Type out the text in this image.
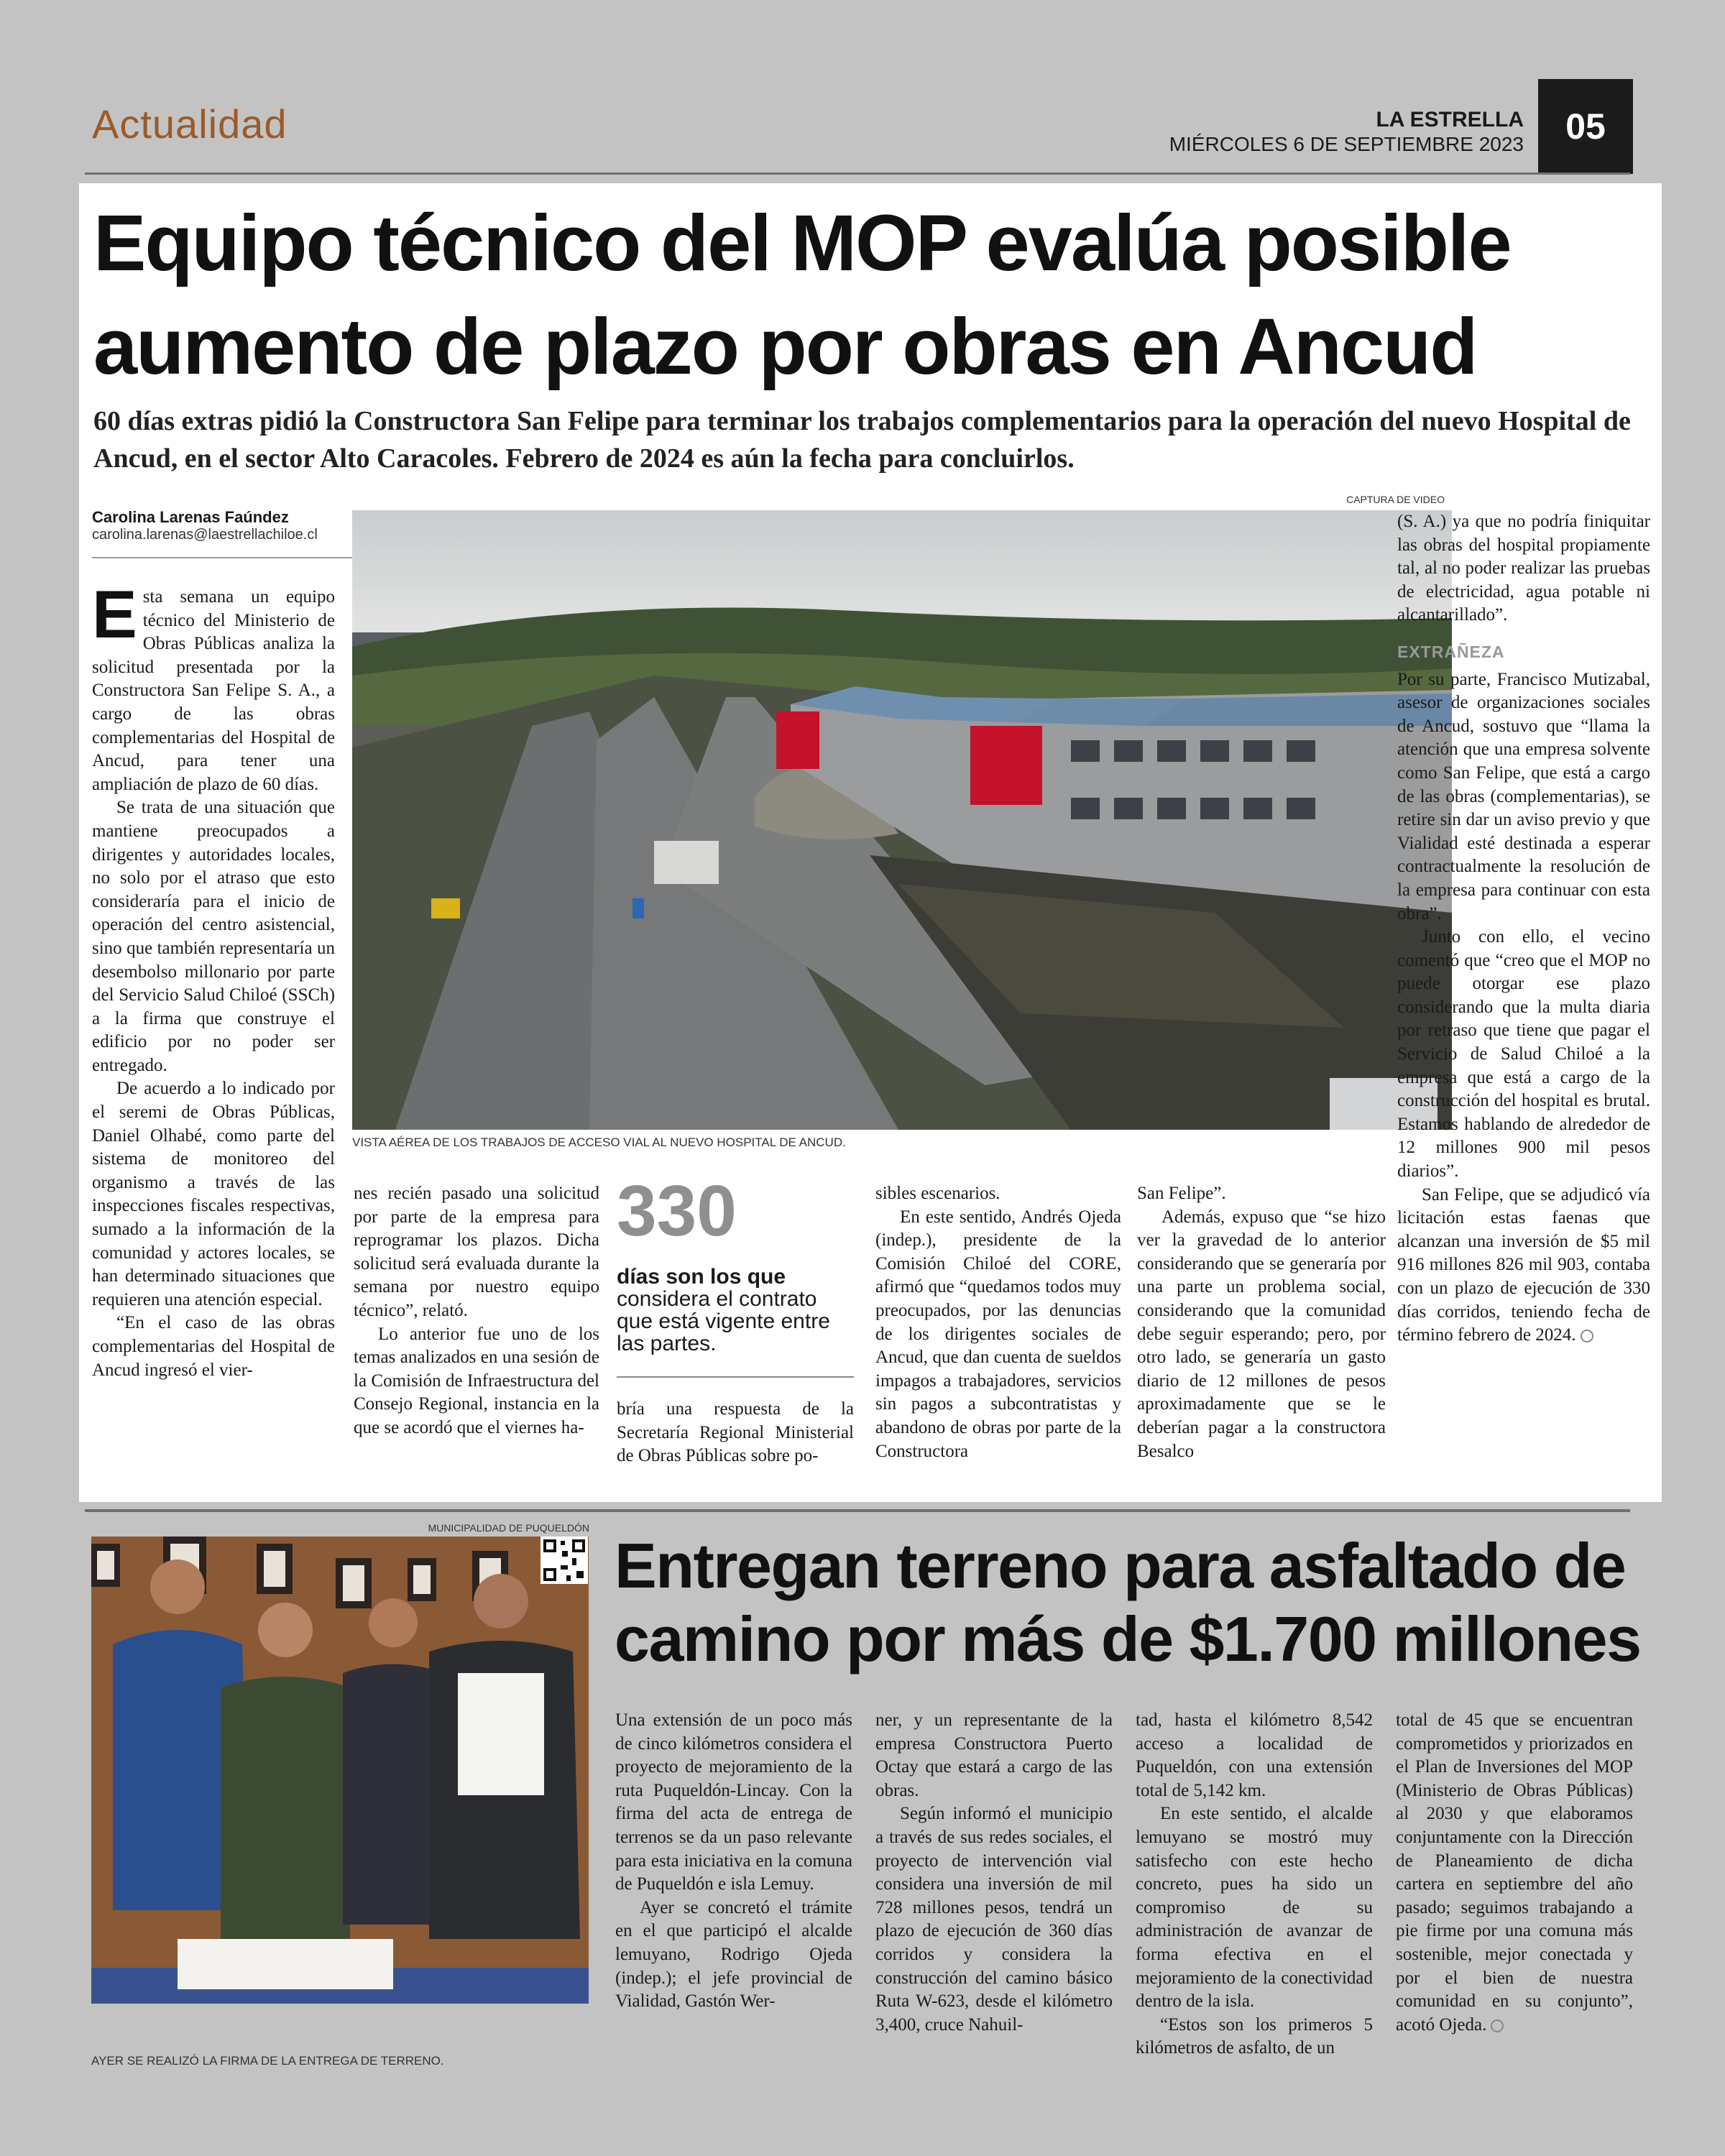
Actualidad	LA ESTRELLA
MIÉRCOLES 6 DE SEPTIEMBRE 2023	05
Equipo técnico del MOP evalúa posible
aumento de plazo por obras en Ancud
60 días extras pidió la Constructora San Felipe para terminar los trabajos complementarios para la operación del nuevo Hospital de Ancud, en el sector Alto Caracoles. Febrero de 2024 es aún la fecha para concluirlos.
Carolina Larenas Faúndez
carolina.larenas@laestrellachiloe.cl
CAPTURA DE VIDEO
VISTA AÉREA DE LOS TRABAJOS DE ACCESO VIAL AL NUEVO HOSPITAL DE ANCUD.

Esta semana un equipo técnico del Ministerio de Obras Públicas analiza la solicitud presentada por la Constructora San Felipe S. A., a cargo de las obras complementarias del Hospital de Ancud, para tener una ampliación de plazo de 60 días.

Se trata de una situación que mantiene preocupados a dirigentes y autoridades locales, no solo por el atraso que esto consideraría para el inicio de operación del centro asistencial, sino que también representaría un desembolso millonario por parte del Servicio Salud Chiloé (SSCh) a la firma que construye el edificio por no poder ser entregado.

De acuerdo a lo indicado por el seremi de Obras Públicas, Daniel Olhabé, como parte del sistema de monitoreo del organismo a través de las inspecciones fiscales respectivas, sumado a la información de la comunidad y actores locales, se han determinado situaciones que requieren una atención especial.

“En el caso de las obras complementarias del Hospital de Ancud ingresó el vier-

nes recién pasado una solicitud por parte de la empresa para reprogramar los plazos. Dicha solicitud será evaluada durante la semana por nuestro equipo técnico”, relató.

Lo anterior fue uno de los temas analizados en una sesión de la Comisión de Infraestructura del Consejo Regional, instancia en la que se acordó que el viernes ha-

330
días son los que
considera el contrato que está vigente entre las partes.

bría una respuesta de la Secretaría Regional Ministerial de Obras Públicas sobre po-

sibles escenarios.

En este sentido, Andrés Ojeda (indep.), presidente de la Comisión Chiloé del CORE, afirmó que “quedamos todos muy preocupados, por las denuncias de los dirigentes sociales de Ancud, que dan cuenta de sueldos impagos a trabajadores, servicios sin pagos a subcontratistas y abandono de obras por parte de la Constructora

San Felipe”.

Además, expuso que “se hizo ver la gravedad de lo anterior considerando que se generaría por una parte un problema social, considerando que la comunidad debe seguir esperando; pero, por otro lado, se generaría un gasto diario de 12 millones de pesos aproximadamente que se le deberían pagar a la constructora Besalco

(S. A.) ya que no podría finiquitar las obras del hospital propiamente tal, al no poder realizar las pruebas de electricidad, agua potable ni alcantarillado”.

EXTRAÑEZA

Por su parte, Francisco Mutizabal, asesor de organizaciones sociales de Ancud, sostuvo que “llama la atención que una empresa solvente como San Felipe, que está a cargo de las obras (complementarias), se retire sin dar un aviso previo y que Vialidad esté destinada a esperar contractualmente la resolución de la empresa para continuar con esta obra”.

Junto con ello, el vecino comentó que “creo que el MOP no puede otorgar ese plazo considerando que la multa diaria por retraso que tiene que pagar el Servicio de Salud Chiloé a la empresa que está a cargo de la construcción del hospital es brutal. Estamos hablando de alrededor de 12 millones 900 mil pesos diarios”.

San Felipe, que se adjudicó vía licitación estas faenas que alcanzan una inversión de $5 mil 916 millones 826 mil 903, contaba con un plazo de ejecución de 330 días corridos, teniendo fecha de término febrero de 2024.

MUNICIPALIDAD DE PUQUELDÓN
AYER SE REALIZÓ LA FIRMA DE LA ENTREGA DE TERRENO.
Entregan terreno para asfaltado de
camino por más de $1.700 millones

Una extensión de un poco más de cinco kilómetros considera el proyecto de mejoramiento de la ruta Puqueldón-Lincay. Con la firma del acta de entrega de terrenos se da un paso relevante para esta iniciativa en la comuna de Puqueldón e isla Lemuy.

Ayer se concretó el trámite en el que participó el alcalde lemuyano, Rodrigo Ojeda (indep.); el jefe provincial de Vialidad, Gastón Wer-

ner, y un representante de la empresa Constructora Puerto Octay que estará a cargo de las obras.

Según informó el municipio a través de sus redes sociales, el proyecto de intervención vial considera una inversión de mil 728 millones pesos, tendrá un plazo de ejecución de 360 días corridos y considera la construcción del camino básico Ruta W-623, desde el kilómetro 3,400, cruce Nahuil-

tad, hasta el kilómetro 8,542 acceso a localidad de Puqueldón, con una extensión total de 5,142 km.

En este sentido, el alcalde lemuyano se mostró muy satisfecho con este hecho concreto, pues ha sido un compromiso de su administración de avanzar de forma efectiva en el mejoramiento de la conectividad dentro de la isla.

“Estos son los primeros 5 kilómetros de asfalto, de un

total de 45 que se encuentran comprometidos y priorizados en el Plan de Inversiones del MOP (Ministerio de Obras Públicas) al 2030 y que elaboramos conjuntamente con la Dirección de Planeamiento de dicha cartera en septiembre del año pasado; seguimos trabajando a pie firme por una comuna más sostenible, mejor conectada y por el bien de nuestra comunidad en su conjunto”, acotó Ojeda.
